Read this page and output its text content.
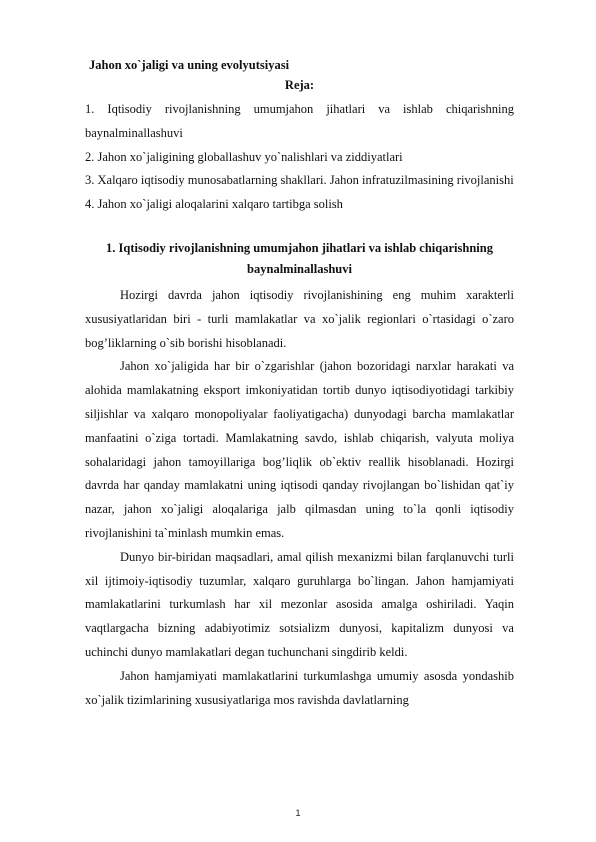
Jahon xo`jaligi va uning evolyutsiyasi
Reja:
1. Iqtisodiy rivojlanishning umumjahon jihatlari va ishlab chiqarishning baynalminallashuvi
2. Jahon xo`jaligining globallashuv yo`nalishlari va ziddiyatlari
3. Xalqaro iqtisodiy munosabatlarning shakllari. Jahon infratuzilmasining rivojlanishi
4. Jahon xo`jaligi aloqalarini xalqaro tartibga solish
1. Iqtisodiy rivojlanishning umumjahon jihatlari va ishlab chiqarishning
baynalminallashuvi

Hozirgi davrda jahon iqtisodiy rivojlanishining eng muhim xarakterli xususiyatlaridan biri - turli mamlakatlar va xo`jalik regionlari o`rtasidagi o`zaro bog’liklarning o`sib borishi hisoblanadi.

Jahon xo`jaligida har bir o`zgarishlar (jahon bozoridagi narxlar harakati va alohida mamlakatning eksport imkoniyatidan tortib dunyo iqtisodiyotidagi tarkibiy siljishlar va xalqaro monopoliyalar faoliyatigacha) dunyodagi barcha mamlakatlar manfaatini o`ziga tortadi. Mamlakatning savdo, ishlab chiqarish, valyuta moliya sohalaridagi jahon tamoyillariga bog’liqlik ob`ektiv reallik hisoblanadi. Hozirgi davrda har qanday mamlakatni uning iqtisodi qanday rivojlangan bo`lishidan qat`iy nazar, jahon xo`jaligi aloqalariga jalb qilmasdan uning to`la qonli iqtisodiy rivojlanishini ta`minlash mumkin emas.

Dunyo bir-biridan maqsadlari, amal qilish mexanizmi bilan farqlanuvchi turli xil ijtimoiy-iqtisodiy tuzumlar, xalqaro guruhlarga bo`lingan. Jahon hamjamiyati mamlakatlarini turkumlash har xil mezonlar asosida amalga oshiriladi. Yaqin vaqtlargacha bizning adabiyotimiz sotsializm dunyosi, kapitalizm dunyosi va uchinchi dunyo mamlakatlari degan tuchunchani singdirib keldi.

Jahon hamjamiyati mamlakatlarini turkumlashga umumiy asosda yondashib xo`jalik tizimlarining xususiyatlariga mos ravishda davlatlarning

1
